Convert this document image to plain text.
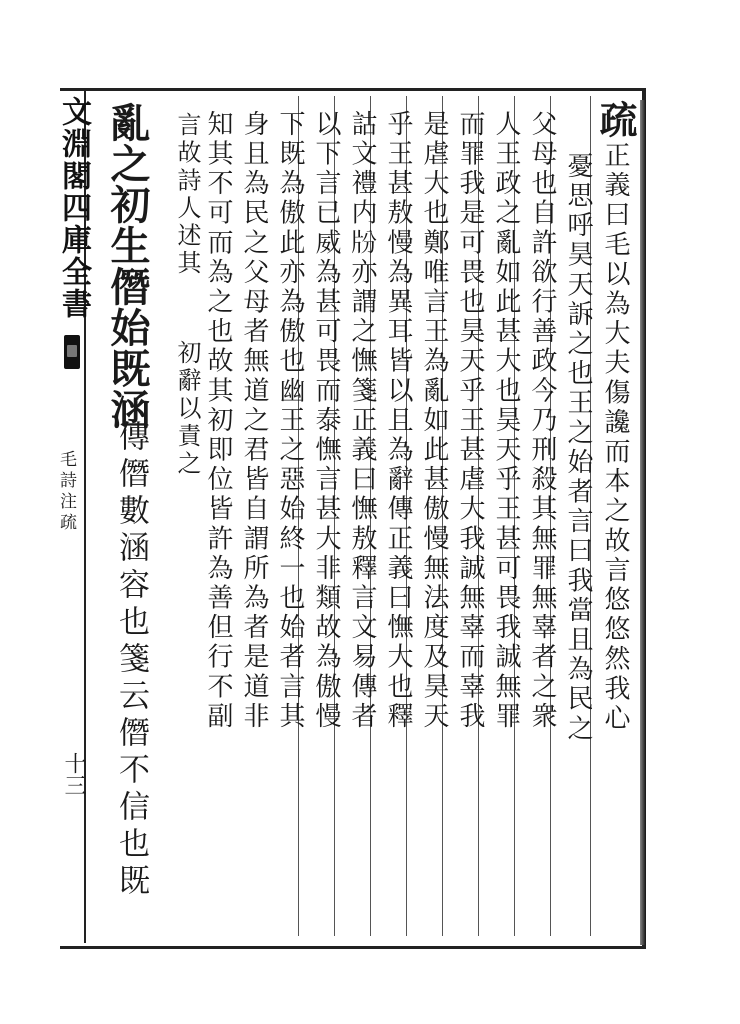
文淵閣四庫全書
毛詩注疏
十三
亂之初生僭始既涵
傳僭數涵容也箋云僭不信也既
疏正義曰毛以為大夫傷讒而本之故言悠悠然我心
憂思呼昊天訴之也王之始者言曰我當且為民之
父母也自許欲行善政今乃刑殺其無罪無辜者之衆
人王政之亂如此甚大也昊天乎王甚可畏我誠無罪
而罪我是可畏也昊天乎王甚虐大我誠無辜而辜我
是虐大也鄭唯言王為亂如此甚傲慢無法度及昊天
乎王甚敖慢為異耳皆以且為辭傳正義曰憮大也釋
詁文禮内𤖭亦謂之憮箋正義曰憮敖釋言文易傳者
以下言已威為甚可畏而泰憮言甚大非類故為傲慢
下既為傲此亦為傲也幽王之惡始終一也始者言其
身且為民之父母者無道之君皆自謂所為者是道非
知其不可而為之也故其初即位皆許為善但行不副
言故詩人述其
初辭以責之
